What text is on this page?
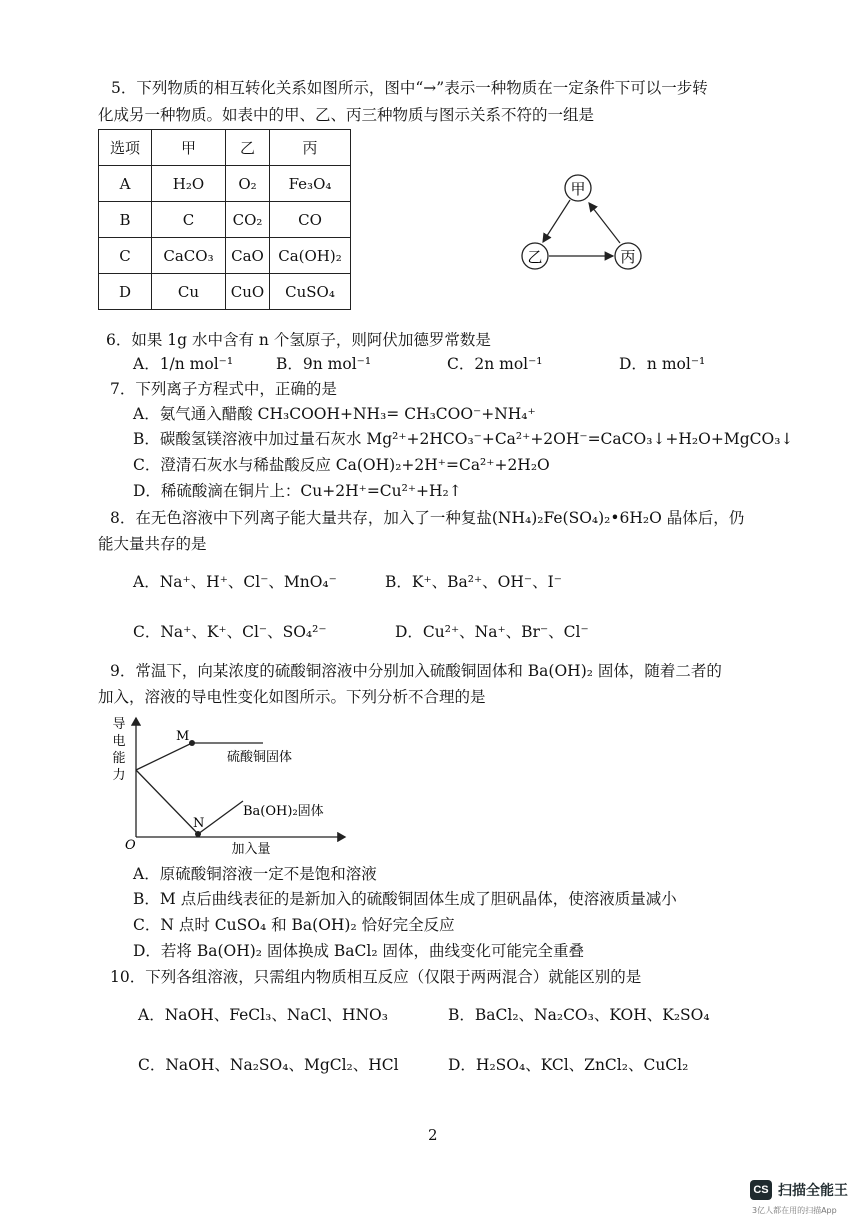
5．下列物质的相互转化关系如图所示，图中“→”表示一种物质在一定条件下可以一步转
化成另一种物质。如表中的甲、乙、丙三种物质与图示关系不符的一组是
选项	甲	乙	丙
A	H₂O	O₂	Fe₃O₄
B	C	CO₂	CO
C	CaCO₃	CaO	Ca(OH)₂
D	Cu	CuO	CuSO₄
甲
乙	丙
6．如果 1g 水中含有 n 个氢原子，则阿伏加德罗常数是
A．1/n mol⁻¹	B．9n mol⁻¹	C．2n mol⁻¹	D．n mol⁻¹
7．下列离子方程式中，正确的是
A．氨气通入醋酸 CH₃COOH+NH₃= CH₃COO⁻+NH₄⁺
B．碳酸氢镁溶液中加过量石灰水 Mg²⁺+2HCO₃⁻+Ca²⁺+2OH⁻=CaCO₃↓+H₂O+MgCO₃↓
C．澄清石灰水与稀盐酸反应 Ca(OH)₂+2H⁺=Ca²⁺+2H₂O
D．稀硫酸滴在铜片上：Cu+2H⁺=Cu²⁺+H₂↑
8．在无色溶液中下列离子能大量共存，加入了一种复盐(NH₄)₂Fe(SO₄)₂•6H₂O 晶体后，仍
能大量共存的是
A．Na⁺、H⁺、Cl⁻、MnO₄⁻	B．K⁺、Ba²⁺、OH⁻、I⁻
C．Na⁺、K⁺、Cl⁻、SO₄²⁻	D．Cu²⁺、Na⁺、Br⁻、Cl⁻
9．常温下，向某浓度的硫酸铜溶液中分别加入硫酸铜固体和 Ba(OH)₂ 固体，随着二者的
加入，溶液的导电性变化如图所示。下列分析不合理的是
导
电
能
力
O	加入量
M
硫酸铜固体
N
Ba(OH)₂固体
A．原硫酸铜溶液一定不是饱和溶液
B．M 点后曲线表征的是新加入的硫酸铜固体生成了胆矾晶体，使溶液质量减小
C．N 点时 CuSO₄ 和 Ba(OH)₂ 恰好完全反应
D．若将 Ba(OH)₂ 固体换成 BaCl₂ 固体，曲线变化可能完全重叠
10．下列各组溶液，只需组内物质相互反应（仅限于两两混合）就能区别的是
A．NaOH、FeCl₃、NaCl、HNO₃	B．BaCl₂、Na₂CO₃、KOH、K₂SO₄
C．NaOH、Na₂SO₄、MgCl₂、HCl	D．H₂SO₄、KCl、ZnCl₂、CuCl₂
2
CS 扫描全能王
3亿人都在用的扫描App
